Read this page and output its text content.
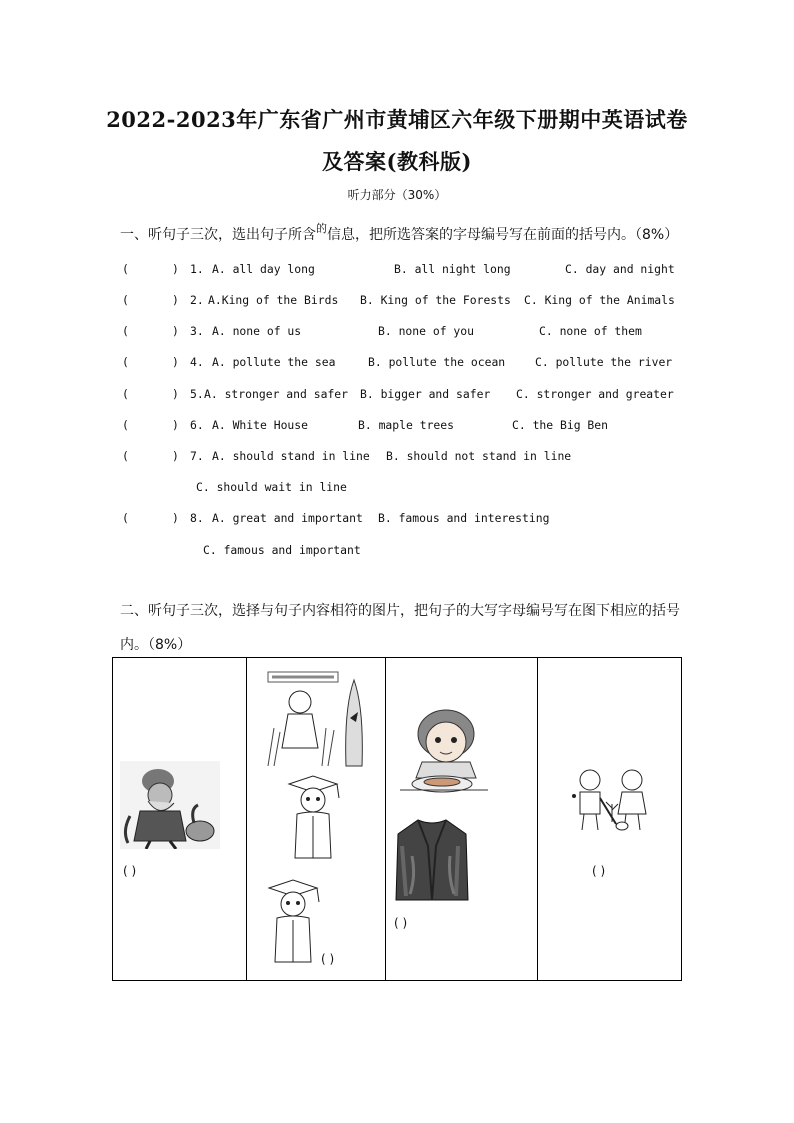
2022-2023年广东省广州市黄埔区六年级下册期中英语试卷
及答案(教科版)
听力部分（30%）
一、听句子三次，选出句子所含$^的$信息，把所选答案的字母编号写在前面的括号内。（8%）
(	) 1. A. all day long	B. all night long	C. day and night
(	) 2. A.King of the Birds B. King of the Forests C. King of the Animals
(	) 3. A. none of us	B. none of you	C. none of them
(	) 4. A. pollute the sea	B. pollute the ocean	C. pollute the river
(	) 5. A. stronger and safer B. bigger and safer C. stronger and greater
(	) 6. A. White House	B. maple trees	C. the Big Ben
(	) 7. A. should stand in line B. should not stand in line
C. should wait in line
(	) 8. A. great and important B. famous and interesting
C. famous and important
二、听句子三次，选择与句子内容相符的图片，把句子的大写字母编号写在图下相应的括号
内。（8%）
( )

( )

( )

( )
